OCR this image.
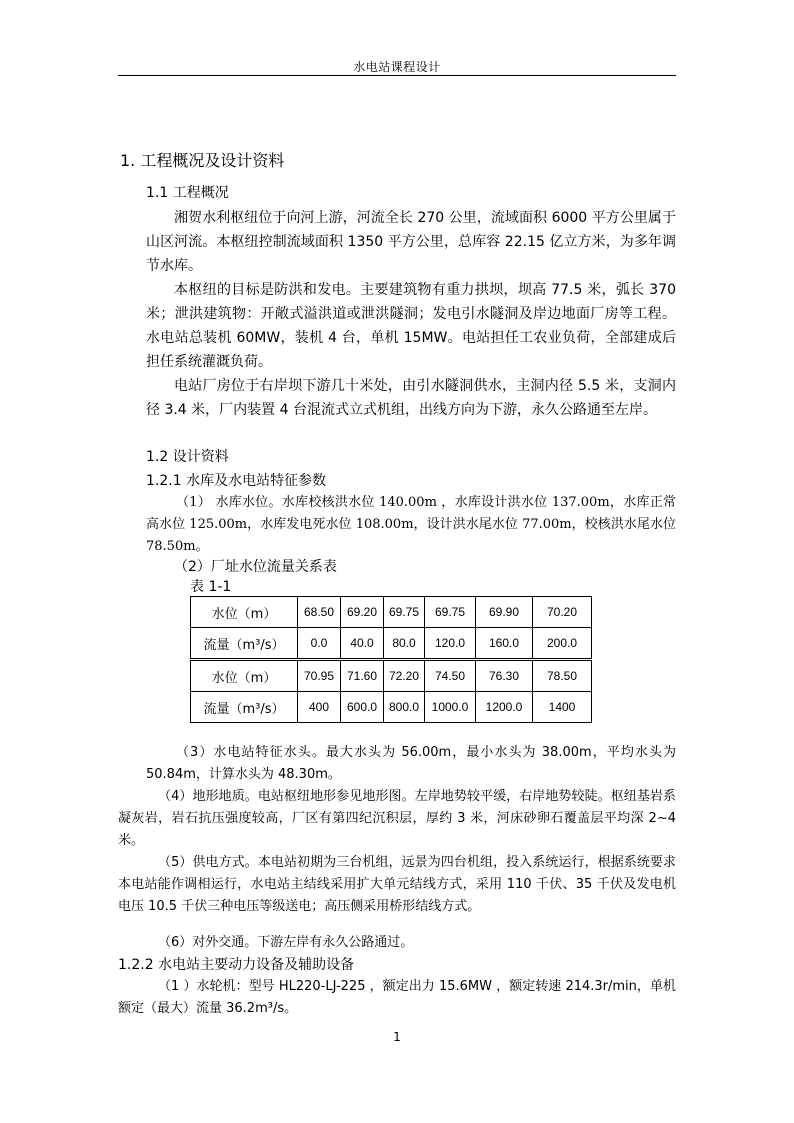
水电站课程设计
1. 工程概况及设计资料
1.1 工程概况
湘贺水利枢纽位于向河上游，河流全长 270 公里，流域面积 6000 平方公里属于山区河流。本枢纽控制流域面积 1350 平方公里，总库容 22.15 亿立方米，为多年调节水库。
本枢纽的目标是防洪和发电。主要建筑物有重力拱坝，坝高 77.5 米，弧长 370 米；泄洪建筑物：开敞式溢洪道或泄洪隧洞；发电引水隧洞及岸边地面厂房等工程。水电站总装机 60MW，装机 4 台，单机 15MW。电站担任工农业负荷，全部建成后担任系统灌溉负荷。
电站厂房位于右岸坝下游几十米处，由引水隧洞供水，主洞内径 5.5 米，支洞内径 3.4 米，厂内装置 4 台混流式立式机组，出线方向为下游，永久公路通至左岸。
1.2 设计资料
1.2.1 水库及水电站特征参数
（1） 水库水位。水库校核洪水位 140.00m ，水库设计洪水位 137.00m，水库正常高水位 125.00m，水库发电死水位 108.00m，设计洪水尾水位 77.00m，校核洪水尾水位 78.50m。
（2）厂址水位流量关系表
表 1-1
水位（m）	68.50	69.20	69.75	69.75	69.90	70.20
流量（m³/s）	0.0	40.0	80.0	120.0	160.0	200.0
水位（m）	70.95	71.60	72.20	74.50	76.30	78.50
流量（m³/s）	400	600.0	800.0	1000.0	1200.0	1400
（3）水电站特征水头。最大水头为 56.00m，最小水头为 38.00m，平均水头为 50.84m，计算水头为 48.30m。
（4）地形地质。电站枢纽地形参见地形图。左岸地势较平缓，右岸地势较陡。枢纽基岩系凝灰岩，岩石抗压强度较高，厂区有第四纪沉积层，厚约 3 米，河床砂卵石覆盖层平均深 2~4 米。
（5）供电方式。本电站初期为三台机组，远景为四台机组，投入系统运行，根据系统要求本电站能作调相运行，水电站主结线采用扩大单元结线方式，采用 110 千伏、35 千伏及发电机电压 10.5 千伏三种电压等级送电；高压侧采用桥形结线方式。
（6）对外交通。下游左岸有永久公路通过。
1.2.2 水电站主要动力设备及辅助设备
（1 ）水轮机：型号 HL220-LJ-225 ，额定出力 15.6MW ，额定转速 214.3r/min，单机额定（最大）流量 36.2m³/s。
1
